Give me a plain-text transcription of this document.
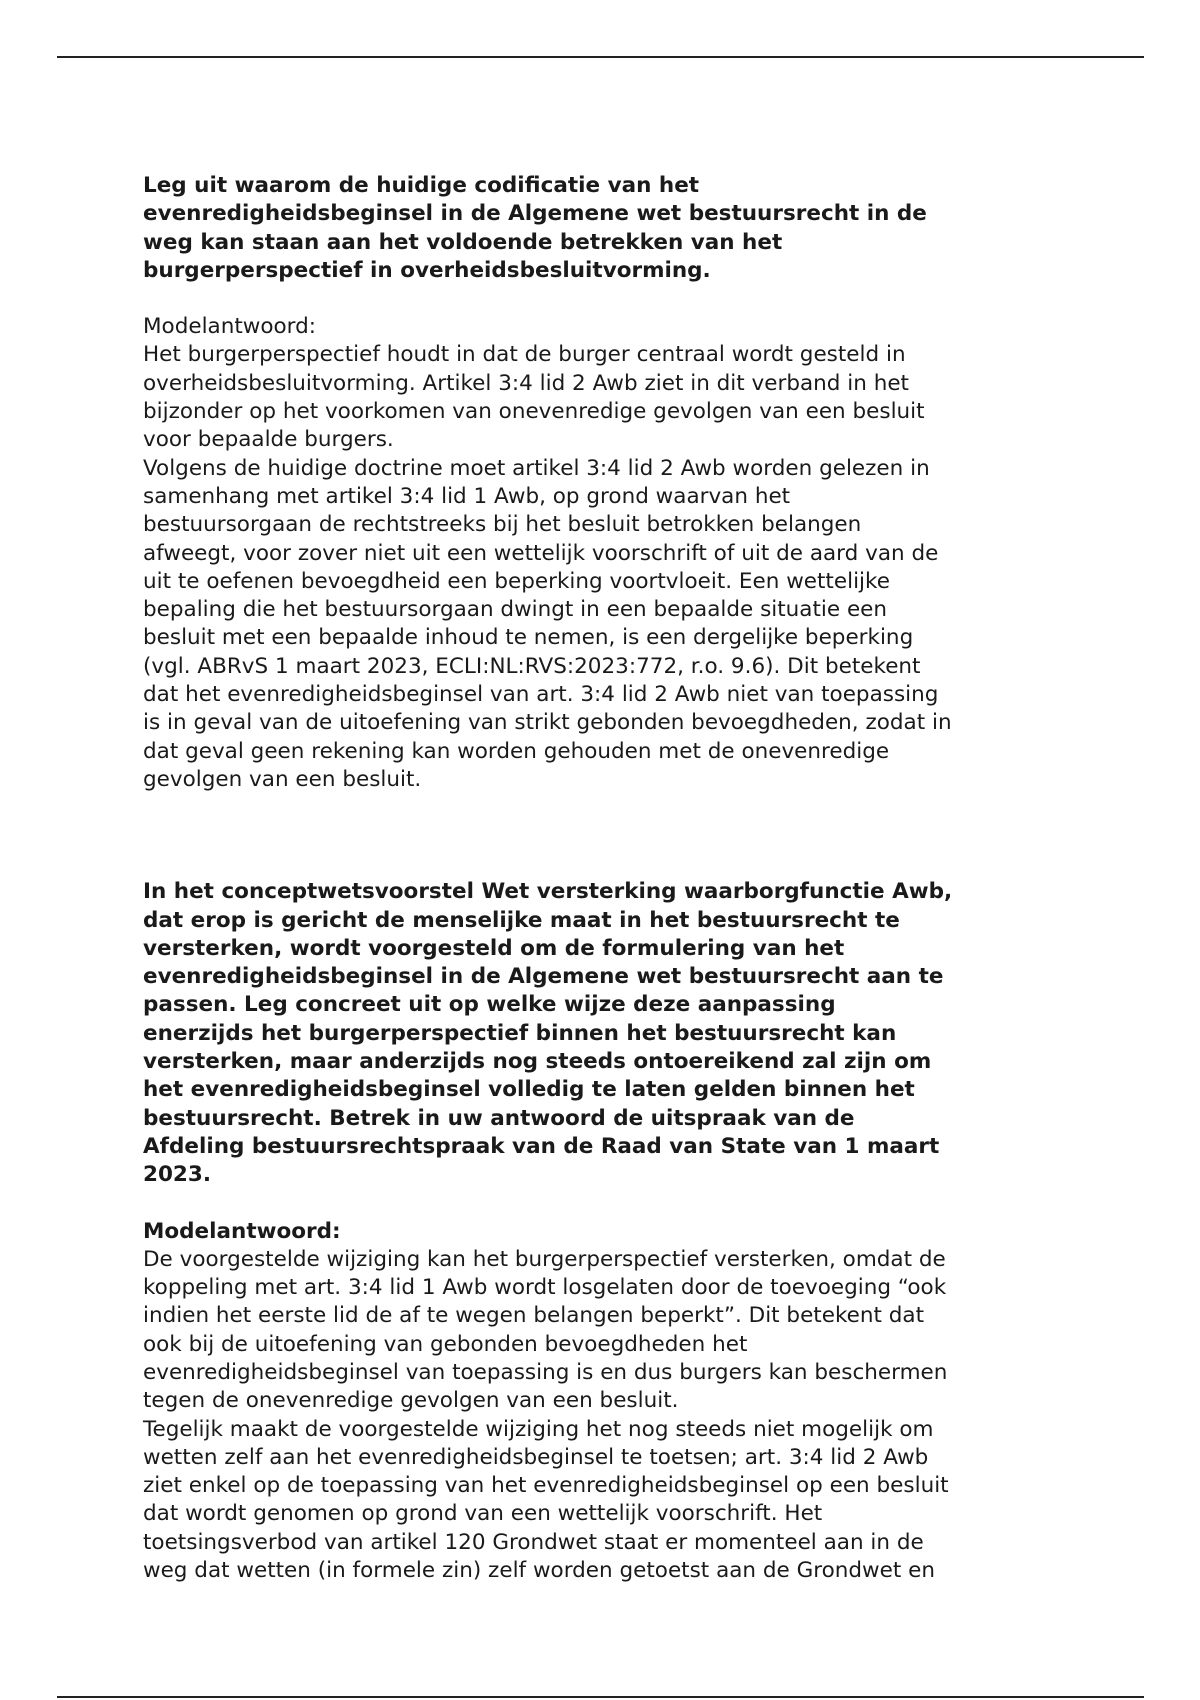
Leg uit waarom de huidige codificatie van het
evenredigheidsbeginsel in de Algemene wet bestuursrecht in de
weg kan staan aan het voldoende betrekken van het
burgerperspectief in overheidsbesluitvorming.
Modelantwoord:
Het burgerperspectief houdt in dat de burger centraal wordt gesteld in
overheidsbesluitvorming. Artikel 3:4 lid 2 Awb ziet in dit verband in het
bijzonder op het voorkomen van onevenredige gevolgen van een besluit
voor bepaalde burgers.
Volgens de huidige doctrine moet artikel 3:4 lid 2 Awb worden gelezen in
samenhang met artikel 3:4 lid 1 Awb, op grond waarvan het
bestuursorgaan de rechtstreeks bij het besluit betrokken belangen
afweegt, voor zover niet uit een wettelijk voorschrift of uit de aard van de
uit te oefenen bevoegdheid een beperking voortvloeit. Een wettelijke
bepaling die het bestuursorgaan dwingt in een bepaalde situatie een
besluit met een bepaalde inhoud te nemen, is een dergelijke beperking
(vgl. ABRvS 1 maart 2023, ECLI:NL:RVS:2023:772, r.o. 9.6). Dit betekent
dat het evenredigheidsbeginsel van art. 3:4 lid 2 Awb niet van toepassing
is in geval van de uitoefening van strikt gebonden bevoegdheden, zodat in
dat geval geen rekening kan worden gehouden met de onevenredige
gevolgen van een besluit.
In het conceptwetsvoorstel Wet versterking waarborgfunctie Awb,
dat erop is gericht de menselijke maat in het bestuursrecht te
versterken, wordt voorgesteld om de formulering van het
evenredigheidsbeginsel in de Algemene wet bestuursrecht aan te
passen. Leg concreet uit op welke wijze deze aanpassing
enerzijds het burgerperspectief binnen het bestuursrecht kan
versterken, maar anderzijds nog steeds ontoereikend zal zijn om
het evenredigheidsbeginsel volledig te laten gelden binnen het
bestuursrecht. Betrek in uw antwoord de uitspraak van de
Afdeling bestuursrechtspraak van de Raad van State van 1 maart
2023.
Modelantwoord:
De voorgestelde wijziging kan het burgerperspectief versterken, omdat de
koppeling met art. 3:4 lid 1 Awb wordt losgelaten door de toevoeging “ook
indien het eerste lid de af te wegen belangen beperkt”. Dit betekent dat
ook bij de uitoefening van gebonden bevoegdheden het
evenredigheidsbeginsel van toepassing is en dus burgers kan beschermen
tegen de onevenredige gevolgen van een besluit.
Tegelijk maakt de voorgestelde wijziging het nog steeds niet mogelijk om
wetten zelf aan het evenredigheidsbeginsel te toetsen; art. 3:4 lid 2 Awb
ziet enkel op de toepassing van het evenredigheidsbeginsel op een besluit
dat wordt genomen op grond van een wettelijk voorschrift. Het
toetsingsverbod van artikel 120 Grondwet staat er momenteel aan in de
weg dat wetten (in formele zin) zelf worden getoetst aan de Grondwet en
